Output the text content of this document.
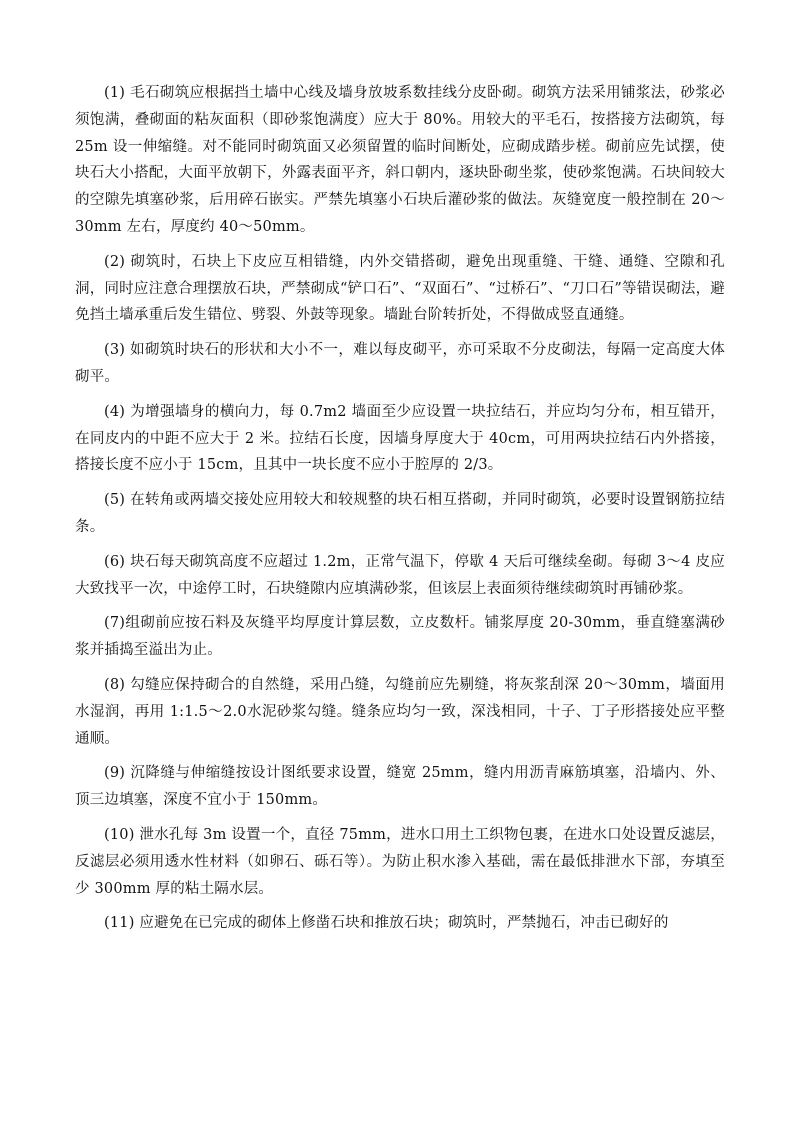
(1) 毛石砌筑应根据挡土墙中心线及墙身放坡系数挂线分皮卧砌。砌筑方法采用铺浆法，砂浆必须饱满，叠砌面的粘灰面积（即砂浆饱满度）应大于 80%。用较大的平毛石，按搭接方法砌筑，每 25m 设一伸缩缝。对不能同时砌筑面又必须留置的临时间断处，应砌成踏步槎。砌前应先试摆，使块石大小搭配，大面平放朝下，外露表面平齐，斜口朝内，逐块卧砌坐浆，使砂浆饱满。石块间较大的空隙先填塞砂浆，后用碎石嵌实。严禁先填塞小石块后灌砂浆的做法。灰缝宽度一般控制在 20～30mm 左右，厚度约 40～50mm。

(2) 砌筑时，石块上下皮应互相错缝，内外交错搭砌，避免出现重缝、干缝、通缝、空隙和孔洞，同时应注意合理摆放石块，严禁砌成“铲口石”、“双面石”、“过桥石”、“刀口石”等错误砌法，避免挡土墙承重后发生错位、劈裂、外鼓等现象。墙趾台阶转折处，不得做成竖直通缝。

(3) 如砌筑时块石的形状和大小不一，难以每皮砌平，亦可采取不分皮砌法，每隔一定高度大体砌平。

(4) 为增强墙身的横向力，每 0.7m2 墙面至少应设置一块拉结石，并应均匀分布，相互错开，在同皮内的中距不应大于 2 米。拉结石长度，因墙身厚度大于 40cm，可用两块拉结石内外搭接，搭接长度不应小于 15cm，且其中一块长度不应小于腔厚的 2/3。

(5) 在转角或两墙交接处应用较大和较规整的块石相互搭砌，并同时砌筑，必要时设置钢筋拉结条。

(6) 块石每天砌筑高度不应超过 1.2m，正常气温下，停歇 4 天后可继续垒砌。每砌 3～4 皮应大致找平一次，中途停工时，石块缝隙内应填满砂浆，但该层上表面须待继续砌筑时再铺砂浆。

(7)组砌前应按石料及灰缝平均厚度计算层数，立皮数杆。铺浆厚度 20-30mm，垂直缝塞满砂浆并插捣至溢出为止。

(8) 勾缝应保持砌合的自然缝，采用凸缝，勾缝前应先剔缝，将灰浆刮深 20～30mm，墙面用水湿润，再用 1:1.5～2.0水泥砂浆勾缝。缝条应均匀一致，深浅相同，十子、丁子形搭接处应平整通顺。

(9) 沉降缝与伸缩缝按设计图纸要求设置，缝宽 25mm，缝内用沥青麻筋填塞，沿墙内、外、顶三边填塞，深度不宜小于 150mm。

(10) 泄水孔每 3m 设置一个，直径 75mm，进水口用土工织物包裹，在进水口处设置反滤层，反滤层必须用透水性材料（如卵石、砾石等）。为防止积水渗入基础，需在最低排泄水下部，夯填至少 300mm 厚的粘土隔水层。

(11) 应避免在已完成的砌体上修凿石块和推放石块；砌筑时，严禁抛石，冲击已砌好的
